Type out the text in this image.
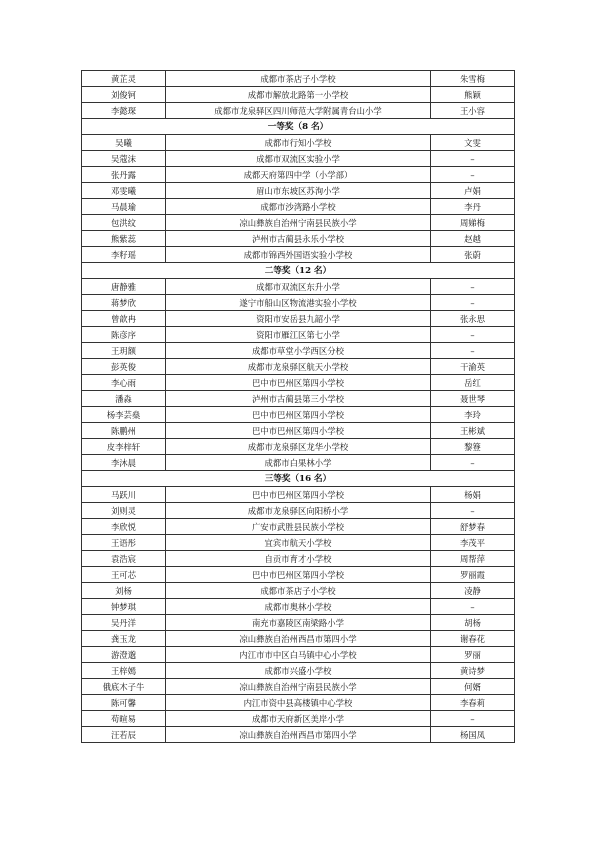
黄芷灵	成都市茶店子小学校	朱雪梅
刘俊钶	成都市解放北路第一小学校	熊颖
李懿琛	成都市龙泉驿区四川师范大学附属青台山小学	王小容
一等奖（8 名）		
吴曦	成都市行知小学校	文雯
吴蔻沫	成都市双流区实验小学	–
张丹露	成都天府第四中学（小学部）	–
邓雯曦	眉山市东坡区苏洵小学	卢娟
马晨瑜	成都市沙湾路小学校	李丹
包洪纹	凉山彝族自治州宁南县民族小学	周娣梅
熊紫蕊	泸州市古蔺县永乐小学校	赵越
李籽瑶	成都市锦西外国语实验小学校	张蔚
二等奖（12 名）		
唐静雅	成都市双流区东升小学	–
蒋梦欣	遂宁市船山区物流港实验小学校	–
曾歆冉	资阳市安岳县九韶小学	张永思
陈彦序	资阳市雁江区第七小学	–
王玥额	成都市草堂小学西区分校	–
彭英俊	成都市龙泉驿区航天小学校	干渝英
李心雨	巴中市巴州区第四小学校	岳红
潘淼	泸州市古蔺县第三小学校	聂世琴
杨李芸燊	巴中市巴州区第四小学校	李玲
陈鹏州	巴中市巴州区第四小学校	王彬斌
皮李梓轩	成都市龙泉驿区龙华小学校	黎簦
李沐晨	成都市白果林小学	–
三等奖（16 名）		
马跃川	巴中市巴州区第四小学校	杨娟
刘则灵	成都市龙泉驿区向阳桥小学	–
李欣悦	广安市武胜县民族小学校	舒梦春
王语彤	宜宾市航天小学校	李茂平
袁浩宸	自贡市育才小学校	周帮萍
王可芯	巴中市巴州区第四小学校	罗丽霞
刘杨	成都市茶店子小学校	凌静
钟梦琪	成都市奥林小学校	–
吴丹洋	南充市嘉陵区南梁路小学	胡杨
龚玉龙	凉山彝族自治州西昌市第四小学	谢春花
游澄邈	内江市市中区白马镇中心小学校	罗丽
王梓嫣	成都市兴盛小学校	黄诗梦
俄底木子牛	凉山彝族自治州宁南县民族小学	何婿
陈可馨	内江市资中县高楼镇中心学校	李春莉
苟暄易	成都市天府新区美岸小学	–
汪若辰	凉山彝族自治州西昌市第四小学	杨国凤
